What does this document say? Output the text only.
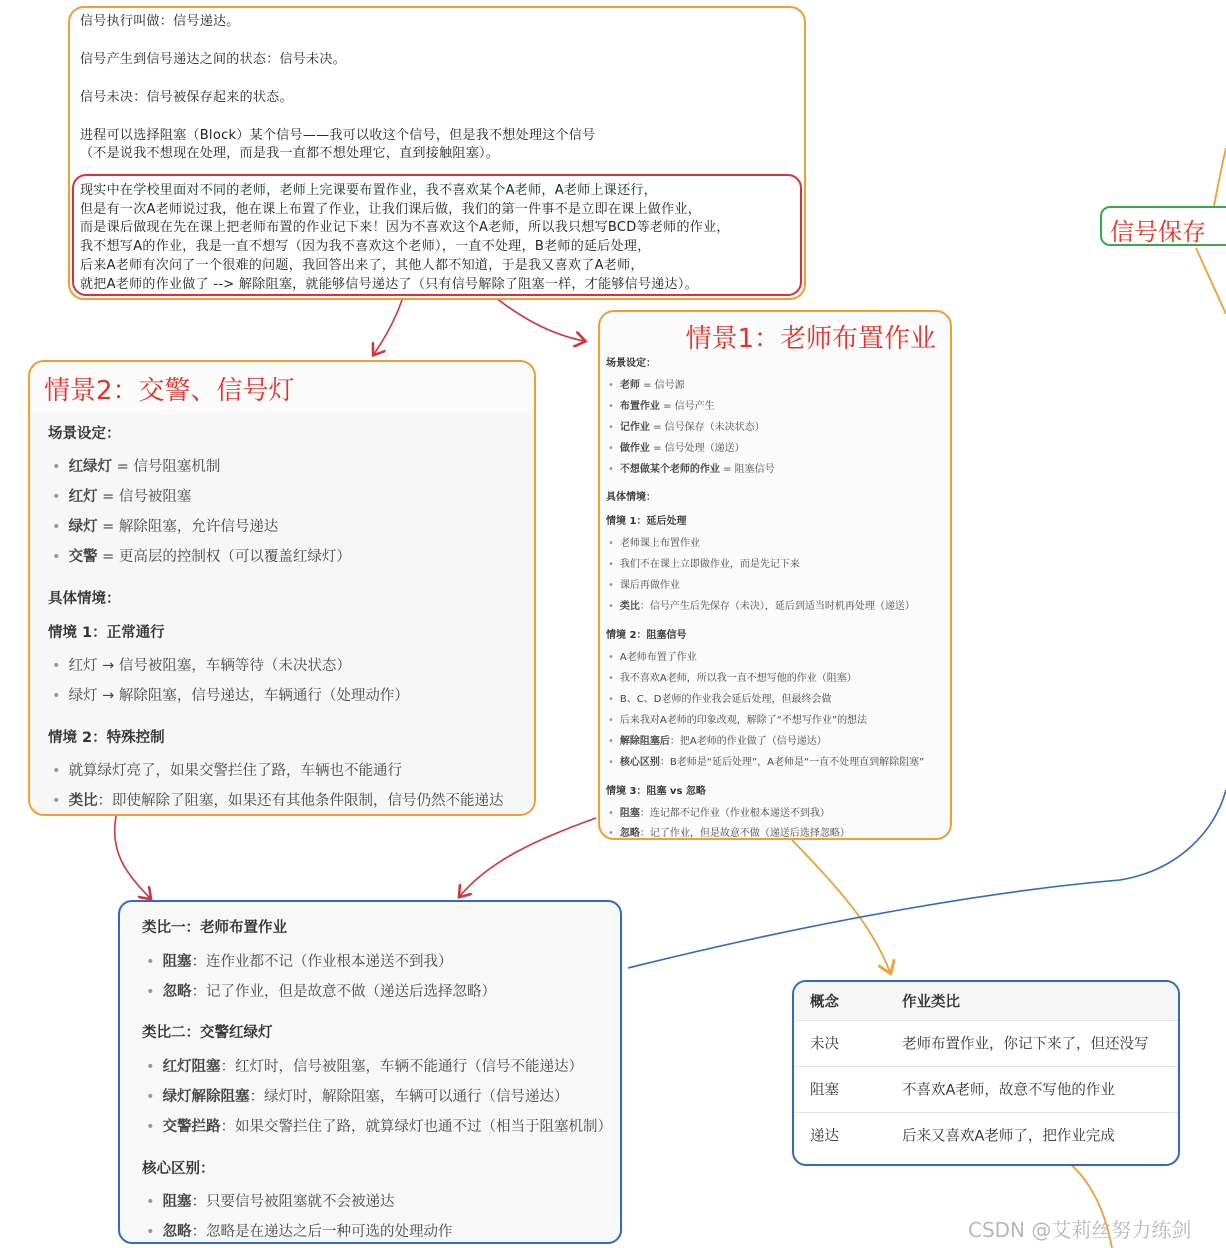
信号执行叫做：信号递达。

信号产生到信号递达之间的状态：信号未决。

信号未决：信号被保存起来的状态。

进程可以选择阻塞（Block）某个信号——我可以收这个信号，但是我不想处理这个信号

（不是说我不想现在处理，而是我一直都不想处理它，直到接触阻塞）。

现实中在学校里面对不同的老师，老师上完课要布置作业，我不喜欢某个A老师，A老师上课还行，

但是有一次A老师说过我，他在课上布置了作业，让我们课后做，我们的第一件事不是立即在课上做作业，

而是课后做现在先在课上把老师布置的作业记下来！因为不喜欢这个A老师，所以我只想写BCD等老师的作业，

我不想写A的作业，我是一直不想写（因为我不喜欢这个老师），一直不处理，B老师的延后处理，

后来A老师有次问了一个很难的问题，我回答出来了，其他人都不知道，于是我又喜欢了A老师，

就把A老师的作业做了 --> 解除阻塞，就能够信号递达了（只有信号解除了阻塞一样，才能够信号递达）。

情景1：老师布置作业
场景设定：
• 老师 = 信号源
• 布置作业 = 信号产生
• 记作业 = 信号保存（未决状态）
• 做作业 = 信号处理（递送）
• 不想做某个老师的作业 = 阻塞信号
具体情境：
情境 1：延后处理
• 老师课上布置作业
• 我们不在课上立即做作业，而是先记下来
• 课后再做作业
• 类比：信号产生后先保存（未决），延后到适当时机再处理（递送）
情境 2：阻塞信号
• A老师布置了作业
• 我不喜欢A老师，所以我一直不想写他的作业（阻塞）
• B、C、D老师的作业我会延后处理，但最终会做
• 后来我对A老师的印象改观，解除了“不想写作业”的想法
• 解除阻塞后：把A老师的作业做了（信号递达）
• 核心区别：B老师是“延后处理”，A老师是“一直不处理直到解除阻塞”
情境 3：阻塞 vs 忽略
• 阻塞：连记都不记作业（作业根本递送不到我）
• 忽略：记了作业，但是故意不做（递送后选择忽略）
情景2：交警、信号灯
场景设定：
• 红绿灯 = 信号阻塞机制
• 红灯 = 信号被阻塞
• 绿灯 = 解除阻塞，允许信号递达
• 交警 = 更高层的控制权（可以覆盖红绿灯）
具体情境：
情境 1：正常通行
• 红灯 → 信号被阻塞，车辆等待（未决状态）
• 绿灯 → 解除阻塞，信号递达，车辆通行（处理动作）
情境 2：特殊控制
• 就算绿灯亮了，如果交警拦住了路，车辆也不能通行
• 类比：即使解除了阻塞，如果还有其他条件限制，信号仍然不能递达
类比一：老师布置作业
• 阻塞：连作业都不记（作业根本递送不到我）
• 忽略：记了作业，但是故意不做（递送后选择忽略）
类比二：交警红绿灯
• 红灯阻塞：红灯时，信号被阻塞，车辆不能通行（信号不能递达）
• 绿灯解除阻塞：绿灯时，解除阻塞，车辆可以通行（信号递达）
• 交警拦路：如果交警拦住了路，就算绿灯也通不过（相当于阻塞机制）
核心区别：
• 阻塞：只要信号被阻塞就不会被递达
• 忽略：忽略是在递达之后一种可选的处理动作
概念	作业类比
未决	老师布置作业，你记下来了，但还没写
阻塞	不喜欢A老师，故意不写他的作业
递达	后来又喜欢A老师了，把作业完成
信号保存
CSDN @艾莉丝努力练剑
